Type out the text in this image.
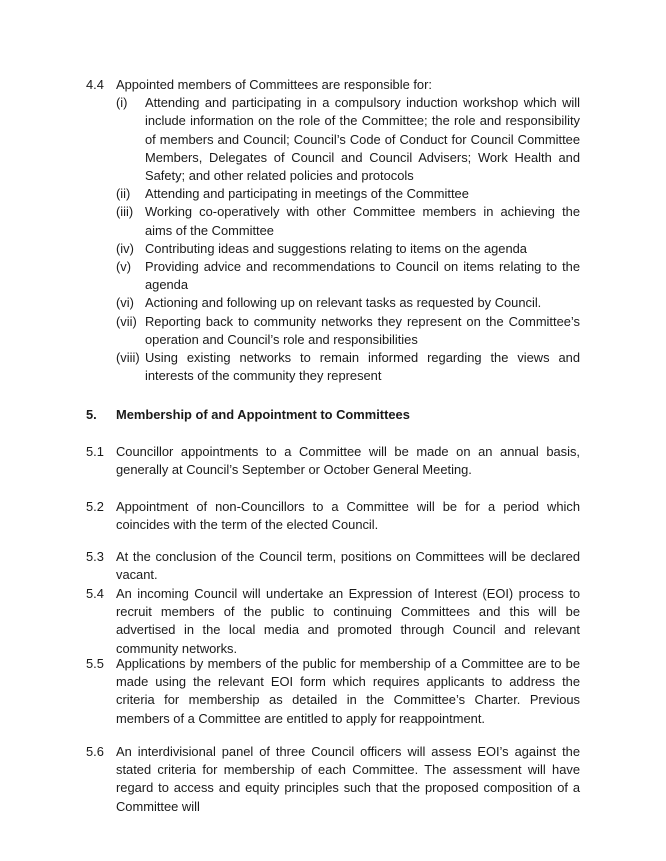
4.4 Appointed members of Committees are responsible for:
(i) Attending and participating in a compulsory induction workshop which will include information on the role of the Committee; the role and responsibility of members and Council; Council’s Code of Conduct for Council Committee Members, Delegates of Council and Council Advisers; Work Health and Safety; and other related policies and protocols
(ii) Attending and participating in meetings of the Committee
(iii) Working co-operatively with other Committee members in achieving the aims of the Committee
(iv) Contributing ideas and suggestions relating to items on the agenda
(v) Providing advice and recommendations to Council on items relating to the agenda
(vi) Actioning and following up on relevant tasks as requested by Council.
(vii) Reporting back to community networks they represent on the Committee’s operation and Council’s role and responsibilities
(viii) Using existing networks to remain informed regarding the views and interests of the community they represent
5. Membership of and Appointment to Committees
5.1 Councillor appointments to a Committee will be made on an annual basis, generally at Council’s September or October General Meeting.
5.2 Appointment of non-Councillors to a Committee will be for a period which coincides with the term of the elected Council.
5.3 At the conclusion of the Council term, positions on Committees will be declared vacant.
5.4 An incoming Council will undertake an Expression of Interest (EOI) process to recruit members of the public to continuing Committees and this will be advertised in the local media and promoted through Council and relevant community networks.
5.5 Applications by members of the public for membership of a Committee are to be made using the relevant EOI form which requires applicants to address the criteria for membership as detailed in the Committee’s Charter. Previous members of a Committee are entitled to apply for reappointment.
5.6 An interdivisional panel of three Council officers will assess EOI’s against the stated criteria for membership of each Committee. The assessment will have regard to access and equity principles such that the proposed composition of a Committee will
